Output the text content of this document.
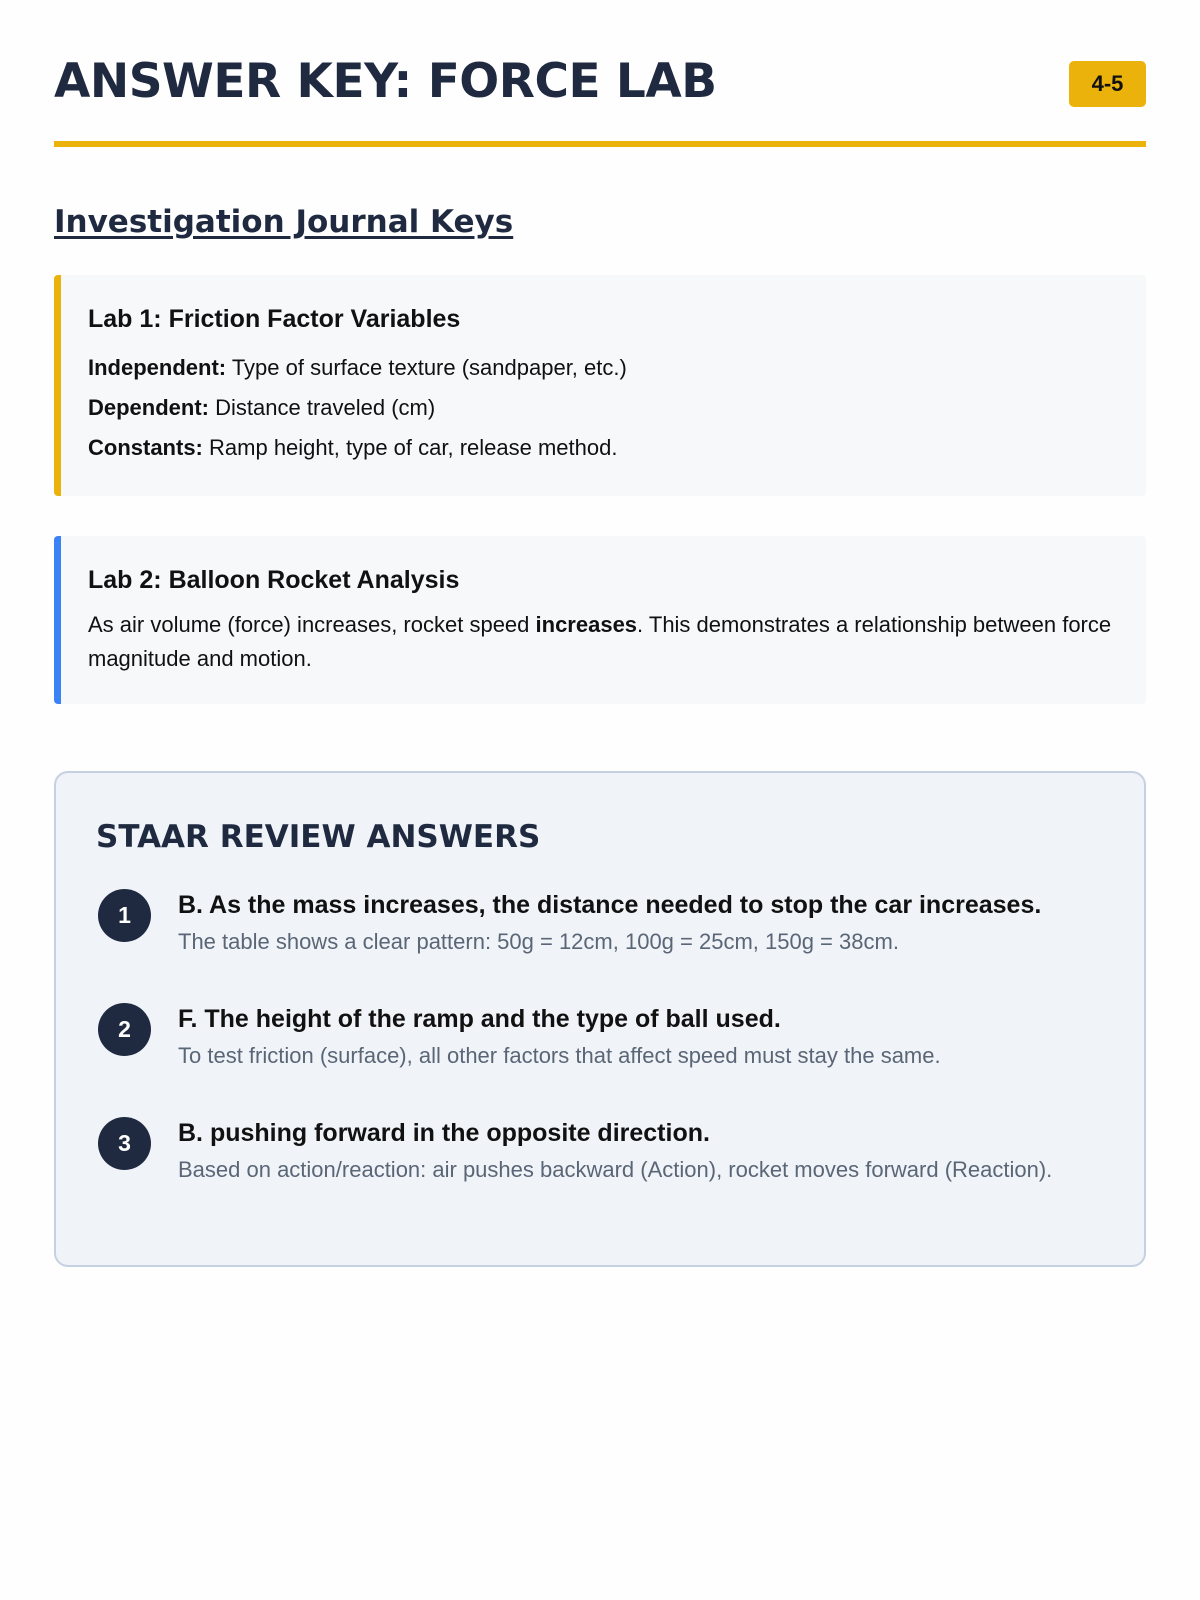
ANSWER KEY: FORCE LAB	4-5
Investigation Journal Keys
Lab 1: Friction Factor Variables

Independent: Type of surface texture (sandpaper, etc.)

Dependent: Distance traveled (cm)

Constants: Ramp height, type of car, release method.

Lab 2: Balloon Rocket Analysis

As air volume (force) increases, rocket speed increases. This demonstrates a relationship between force magnitude and motion.

STAAR REVIEW ANSWERS
1	B. As the mass increases, the distance needed to stop the car increases.

The table shows a clear pattern: 50g = 12cm, 100g = 25cm, 150g = 38cm.

2	F. The height of the ramp and the type of ball used.

To test friction (surface), all other factors that affect speed must stay the same.

3	B. pushing forward in the opposite direction.

Based on action/reaction: air pushes backward (Action), rocket moves forward (Reaction).
